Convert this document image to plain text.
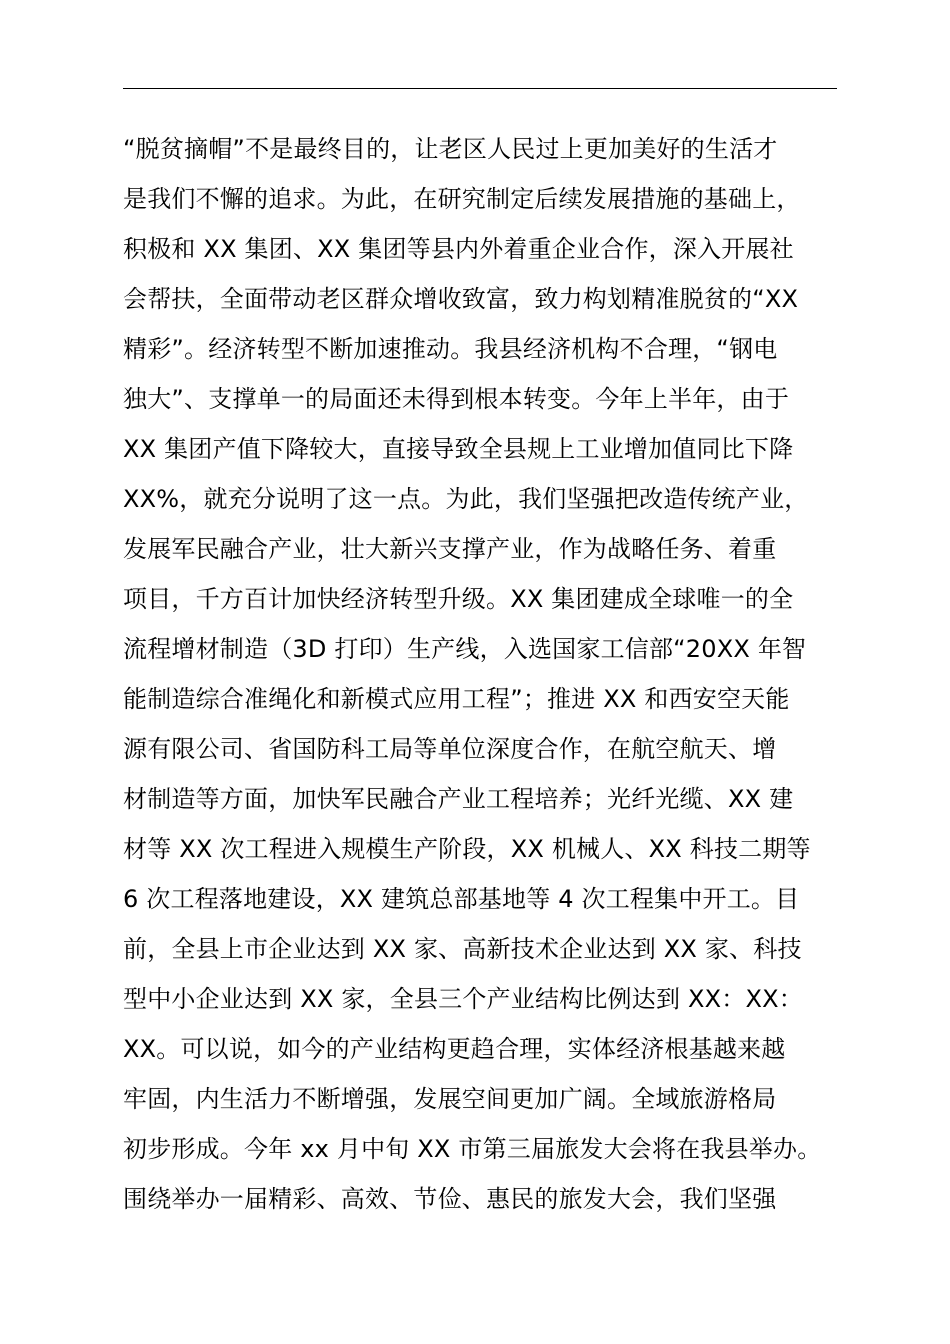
“脱贫摘帽”不是最终目的，让老区人民过上更加美好的生活才
是我们不懈的追求。为此，在研究制定后续发展措施的基础上，
积极和 XX 集团、XX 集团等县内外着重企业合作，深入开展社
会帮扶，全面带动老区群众增收致富，致力构划精准脱贫的“XX
精彩”。经济转型不断加速推动。我县经济机构不合理，“钢电
独大”、支撑单一的局面还未得到根本转变。今年上半年，由于
XX 集团产值下降较大，直接导致全县规上工业增加值同比下降
XX%，就充分说明了这一点。为此，我们坚强把改造传统产业，
发展军民融合产业，壮大新兴支撑产业，作为战略任务、着重
项目，千方百计加快经济转型升级。XX 集团建成全球唯一的全
流程增材制造（3D 打印）生产线，入选国家工信部“20XX 年智
能制造综合准绳化和新模式应用工程”；推进 XX 和西安空天能
源有限公司、省国防科工局等单位深度合作，在航空航天、增
材制造等方面，加快军民融合产业工程培养；光纤光缆、XX 建
材等 XX 次工程进入规模生产阶段，XX 机械人、XX 科技二期等
6 次工程落地建设，XX 建筑总部基地等 4 次工程集中开工。目
前，全县上市企业达到 XX 家、高新技术企业达到 XX 家、科技
型中小企业达到 XX 家，全县三个产业结构比例达到 XX：XX：
XX。可以说，如今的产业结构更趋合理，实体经济根基越来越
牢固，内生活力不断增强，发展空间更加广阔。全域旅游格局
初步形成。今年 xx 月中旬 XX 市第三届旅发大会将在我县举办。
围绕举办一届精彩、高效、节俭、惠民的旅发大会，我们坚强
